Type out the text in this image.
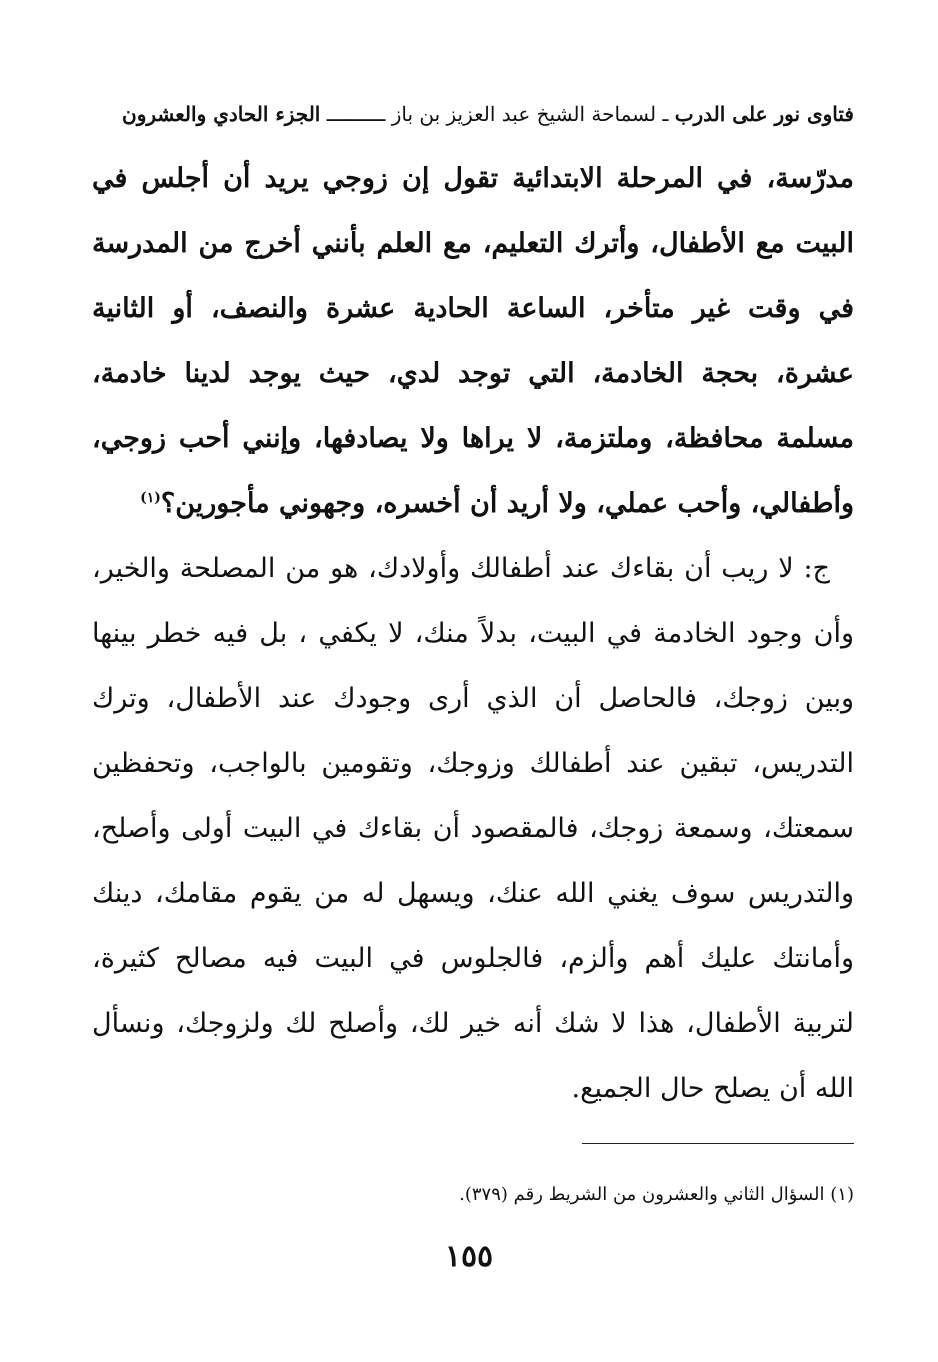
فتاوى نور على الدرب ـ لسماحة الشيخ عبد العزيز بن باز ــــــــــ الجزء الحادي والعشرون
مدرّسة، في المرحلة الابتدائية تقول إن زوجي يريد أن أجلس في البيت مع الأطفال، وأترك التعليم، مع العلم بأنني أخرج من المدرسة في وقت غير متأخر، الساعة الحادية عشرة والنصف، أو الثانية عشرة، بحجة الخادمة، التي توجد لدي، حيث يوجد لدينا خادمة، مسلمة محافظة، وملتزمة، لا يراها ولا يصادفها، وإنني أحب زوجي، وأطفالي، وأحب عملي، ولا أريد أن أخسره، وجهوني مأجورين؟$^{(١)}$
ج: لا ريب أن بقاءك عند أطفالك وأولادك، هو من المصلحة والخير، وأن وجود الخادمة في البيت، بدلاً منك، لا يكفي ، بل فيه خطر بينها وبين زوجك، فالحاصل أن الذي أرى وجودك عند الأطفال، وترك التدريس، تبقين عند أطفالك وزوجك، وتقومين بالواجب، وتحفظين سمعتك، وسمعة زوجك، فالمقصود أن بقاءك في البيت أولى وأصلح، والتدريس سوف يغني الله عنك، ويسهل له من يقوم مقامك، دينك وأمانتك عليك أهم وألزم، فالجلوس في البيت فيه مصالح كثيرة، لتربية الأطفال، هذا لا شك أنه خير لك، وأصلح لك ولزوجك، ونسأل الله أن يصلح حال الجميع.
(١) السؤال الثاني والعشرون من الشريط رقم (٣٧٩).
١٥٥
